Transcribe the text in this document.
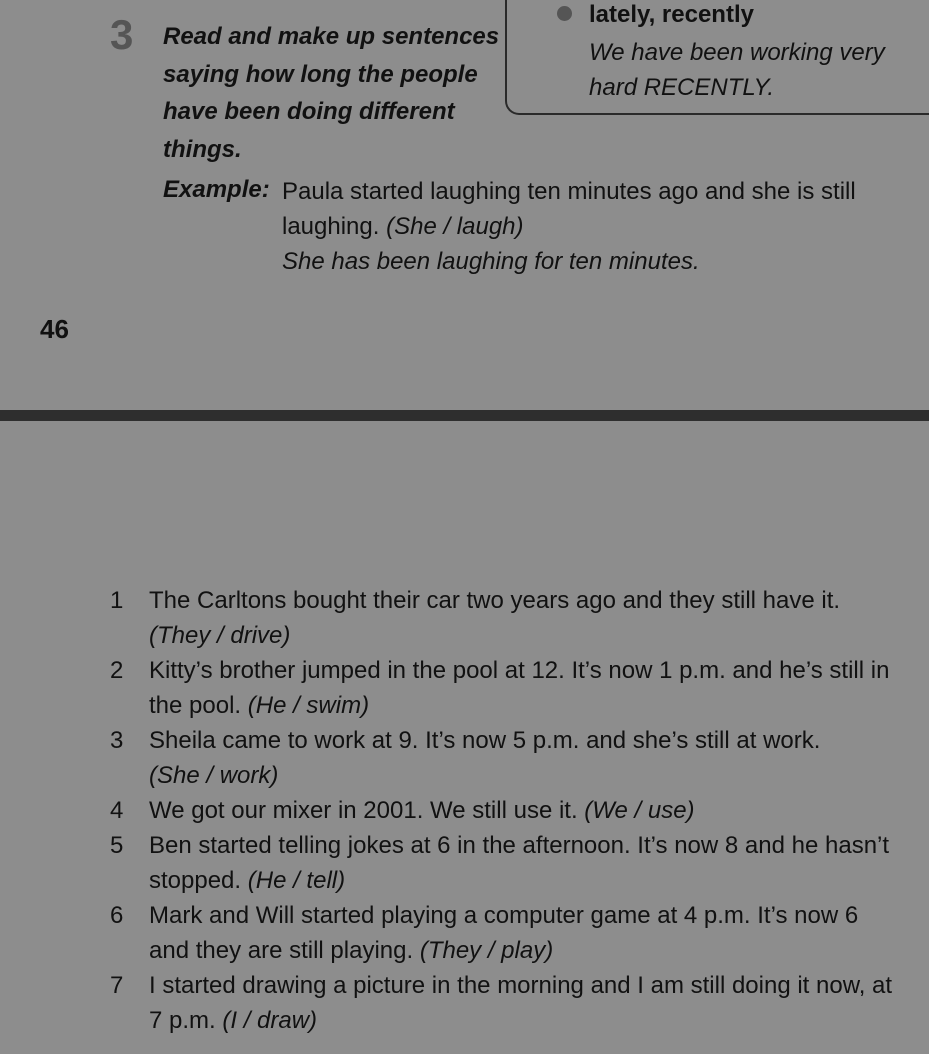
3 Read and make up sentences saying how long the people have been doing different things.

lately, recently

We have been working very hard RECENTLY.

Example: Paula started laughing ten minutes ago and she is still laughing. (She / laugh)
She has been laughing for ten minutes.

46

1	The Carltons bought their car two years ago and they still have it.
(They / drive)
2	Kitty’s brother jumped in the pool at 12. It’s now 1 p.m. and he’s still in the pool. (He / swim)
3	Sheila came to work at 9. It’s now 5 p.m. and she’s still at work.
(She / work)
4	We got our mixer in 2001. We still use it. (We / use)
5	Ben started telling jokes at 6 in the afternoon. It’s now 8 and he hasn’t stopped. (He / tell)
6	Mark and Will started playing a computer game at 4 p.m. It’s now 6 and they are still playing. (They / play)
7	I started drawing a picture in the morning and I am still doing it now, at 7 p.m. (I / draw)
